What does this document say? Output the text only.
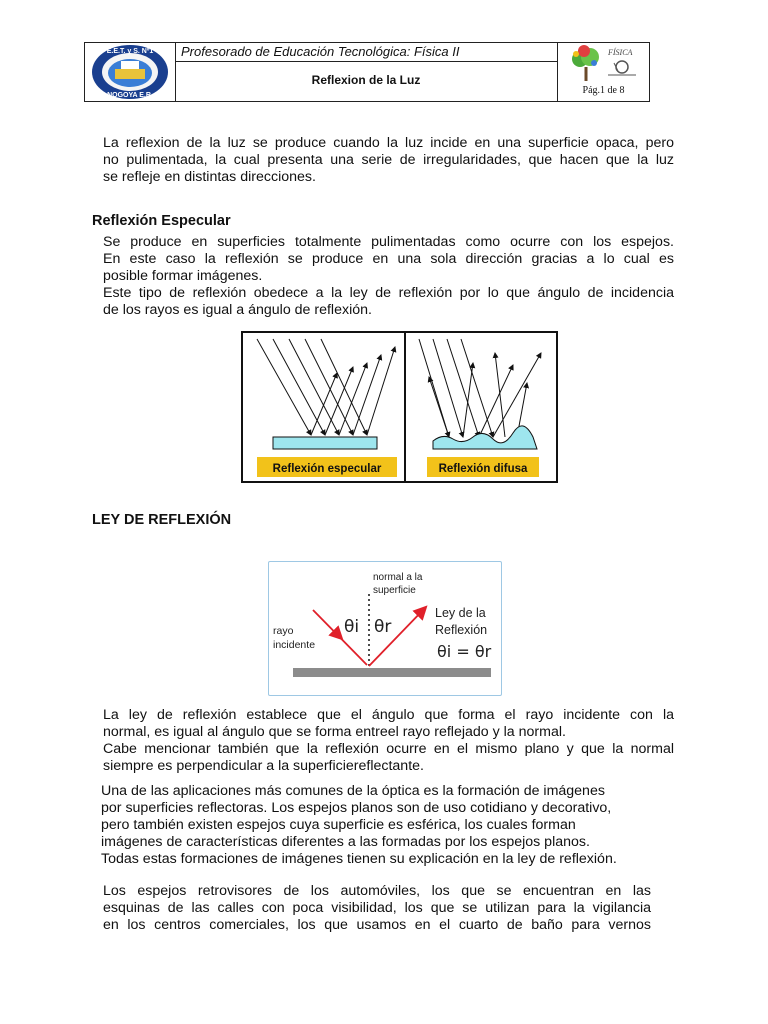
E.E.T. y S. Nº1
NOGOYA E.R.
Profesorado de Educación Tecnológica: Física II
Reflexion de la Luz
FÍSICA
Pág.1 de 8
La reflexion de la luz se produce cuando la luz incide en una superficie opaca, pero
no pulimentada, la cual presenta una serie de irregularidades, que hacen que la luz
se refleje en distintas direcciones.
Reflexión Especular
Se produce en superficies totalmente pulimentadas como ocurre con los espejos.
En este caso la reflexión se produce en una sola dirección gracias a lo cual es
posible formar imágenes.
Este tipo de reflexión obedece a la ley de reflexión por lo que ángulo de incidencia
de los rayos es igual a ángulo de reflexión.
Reflexión especular	Reflexión difusa
LEY DE REFLEXIÓN
normal a la
superficie
rayo
incidente
θi θr
Ley de la
Reflexión
θi = θr
La ley de reflexión establece que el ángulo que forma el rayo incidente con la
normal, es igual al ángulo que se forma entreel rayo reflejado y la normal.
Cabe mencionar también que la reflexión ocurre en el mismo plano y que la normal
siempre es perpendicular a la superficiereflectante.
Una de las aplicaciones más comunes de la óptica es la formación de imágenes
por superficies reflectoras. Los espejos planos son de uso cotidiano y decorativo,
pero también existen espejos cuya superficie es esférica, los cuales forman
imágenes de características diferentes a las formadas por los espejos planos.
Todas estas formaciones de imágenes tienen su explicación en la ley de reflexión.
Los espejos retrovisores de los automóviles, los que se encuentran en las
esquinas de las calles con poca visibilidad, los que se utilizan para la vigilancia
en los centros comerciales, los que usamos en el cuarto de baño para vernos
